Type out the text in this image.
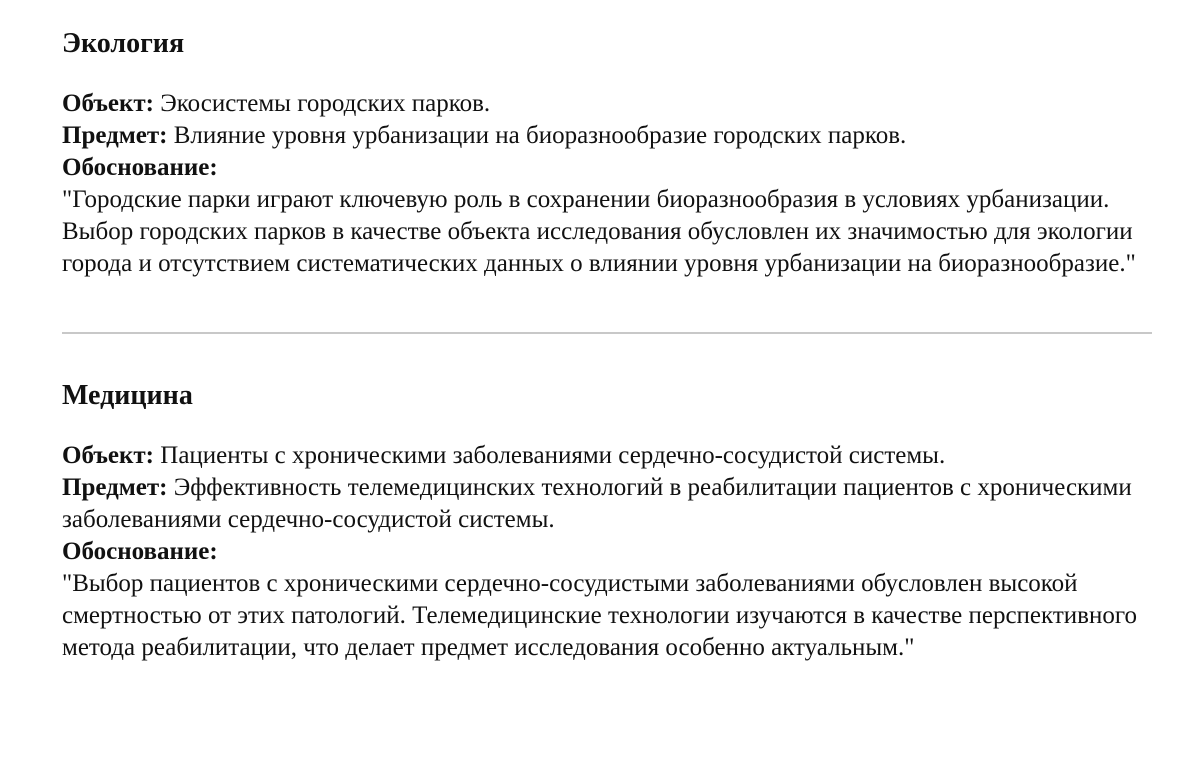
Экология
Объект: Экосистемы городских парков.
Предмет: Влияние уровня урбанизации на биоразнообразие городских парков.
Обоснование:
"Городские парки играют ключевую роль в сохранении биоразнообразия в условиях урбанизации. Выбор городских парков в качестве объекта исследования обусловлен их значимостью для экологии города и отсутствием систематических данных о влиянии уровня урбанизации на биоразнообразие."
Медицина
Объект: Пациенты с хроническими заболеваниями сердечно-сосудистой системы.
Предмет: Эффективность телемедицинских технологий в реабилитации пациентов с хроническими заболеваниями сердечно-сосудистой системы.
Обоснование:
"Выбор пациентов с хроническими сердечно-сосудистыми заболеваниями обусловлен высокой смертностью от этих патологий. Телемедицинские технологии изучаются в качестве перспективного метода реабилитации, что делает предмет исследования особенно актуальным."
